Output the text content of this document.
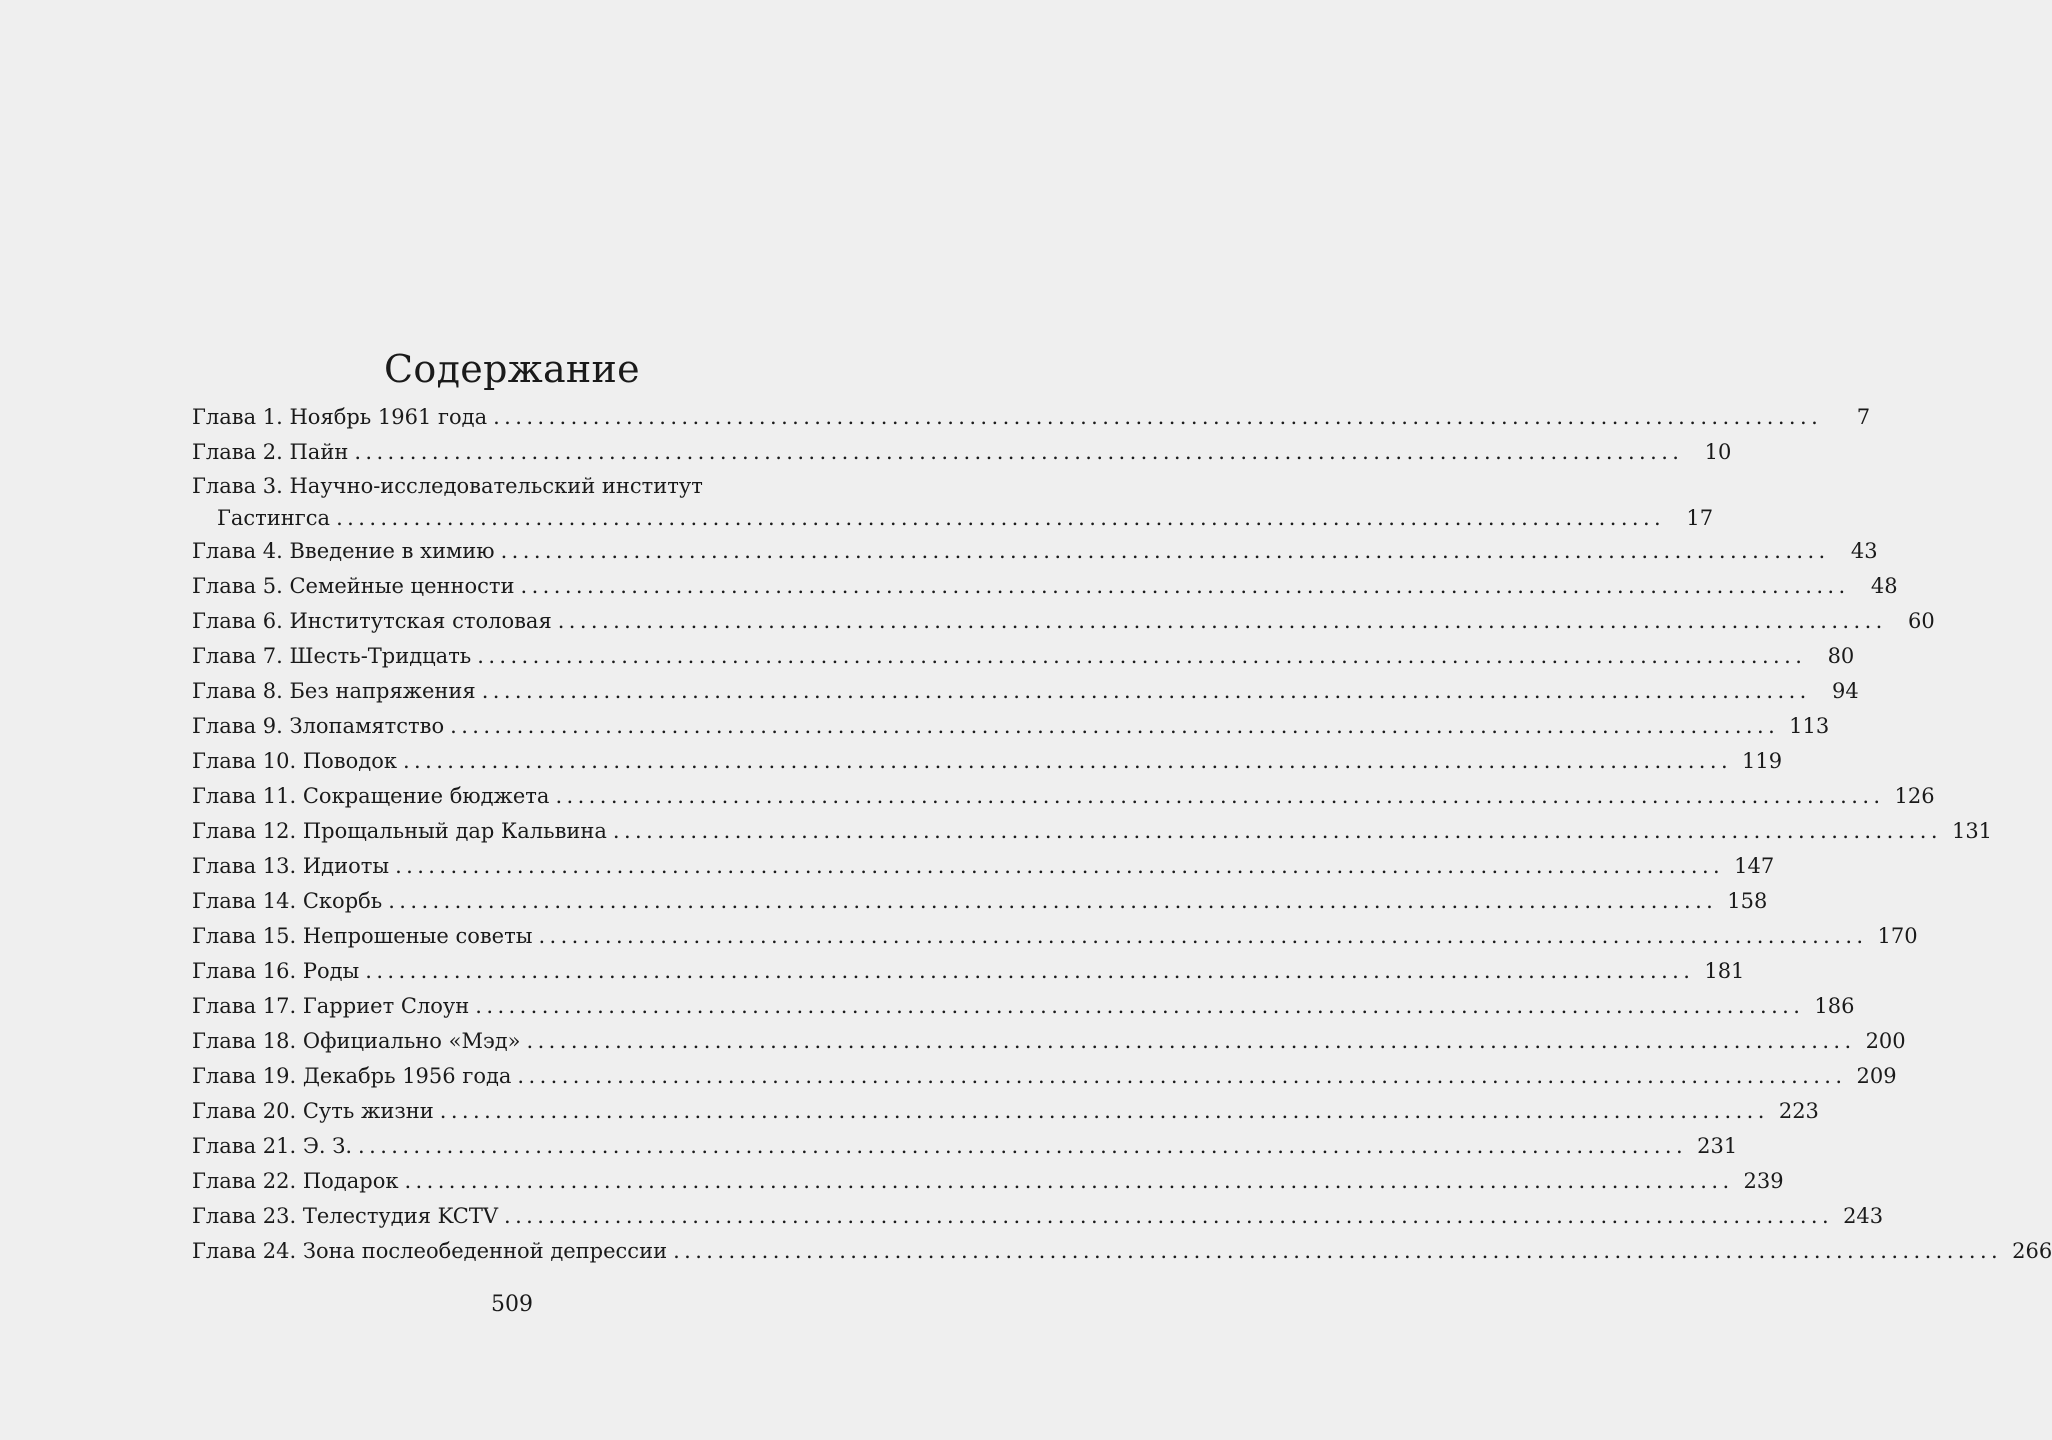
Содержание
Глава 1. Ноябрь 1961 года ........................................................................................................................	7
Глава 2. Пайн ........................................................................................................................	10
Глава 3. Научно-исследовательский институт
Гастингса ........................................................................................................................	17
Глава 4. Введение в химию ........................................................................................................................	43
Глава 5. Семейные ценности ........................................................................................................................	48
Глава 6. Институтская столовая ........................................................................................................................	60
Глава 7. Шесть-Тридцать ........................................................................................................................	80
Глава 8. Без напряжения ........................................................................................................................	94
Глава 9. Злопамятство ........................................................................................................................ 113
Глава 10. Поводок ........................................................................................................................ 119
Глава 11. Сокращение бюджета ........................................................................................................................ 126
Глава 12. Прощальный дар Кальвина ........................................................................................................................ 131
Глава 13. Идиоты ........................................................................................................................ 147
Глава 14. Скорбь ........................................................................................................................ 158
Глава 15. Непрошеные советы ........................................................................................................................ 170
Глава 16. Роды ........................................................................................................................ 181
Глава 17. Гарриет Слоун ........................................................................................................................ 186
Глава 18. Официально «Мэд» ........................................................................................................................ 200
Глава 19. Декабрь 1956 года ........................................................................................................................ 209
Глава 20. Суть жизни ........................................................................................................................ 223
Глава 21. Э. З. ........................................................................................................................ 231
Глава 22. Подарок ........................................................................................................................ 239
Глава 23. Телестудия KCTV ........................................................................................................................ 243
Глава 24. Зона послеобеденной депрессии ........................................................................................................................ 266
509
